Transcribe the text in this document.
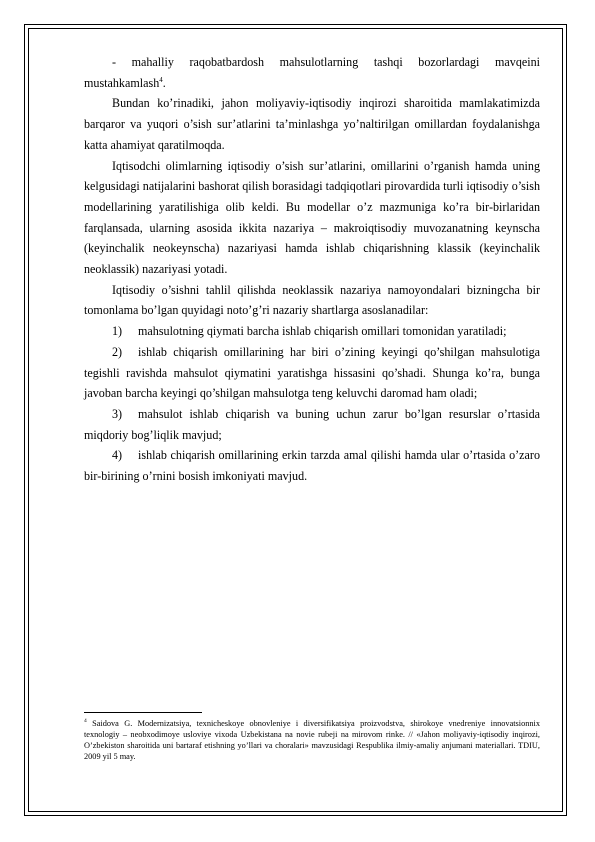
- mahalliy raqobatbardosh mahsulotlarning tashqi bozorlardagi mavqeini mustahkamlash$^4$.

Bundan ko’rinadiki, jahon moliyaviy-iqtisodiy inqirozi sharoitida mamlakatimizda barqaror va yuqori o’sish sur’atlarini ta’minlashga yo’naltirilgan omillardan foydalanishga katta ahamiyat qaratilmoqda.

Iqtisodchi olimlarning iqtisodiy o’sish sur’atlarini, omillarini o’rganish hamda uning kelgusidagi natijalarini bashorat qilish borasidagi tadqiqotlari pirovardida turli iqtisodiy o’sish modellarining yaratilishiga olib keldi. Bu modellar o’z mazmuniga ko’ra bir-birlaridan farqlansada, ularning asosida ikkita nazariya – makroiqtisodiy muvozanatning keynscha (keyinchalik neokeynscha) nazariyasi hamda ishlab chiqarishning klassik (keyinchalik neoklassik) nazariyasi yotadi.

Iqtisodiy o’sishni tahlil qilishda neoklassik nazariya namoyondalari bizningcha bir tomonlama bo’lgan quyidagi noto’g’ri nazariy shartlarga asoslanadilar:

1) mahsulotning qiymati barcha ishlab chiqarish omillari tomonidan yaratiladi;

2) ishlab chiqarish omillarining har biri o’zining keyingi qo’shilgan mahsulotiga tegishli ravishda mahsulot qiymatini yaratishga hissasini qo’shadi. Shunga ko’ra, bunga javoban barcha keyingi qo’shilgan mahsulotga teng keluvchi daromad ham oladi;

3) mahsulot ishlab chiqarish va buning uchun zarur bo’lgan resurslar o’rtasida miqdoriy bog’liqlik mavjud;

4) ishlab chiqarish omillarining erkin tarzda amal qilishi hamda ular o’rtasida o’zaro bir-birining o’rnini bosish imkoniyati mavjud.

$^4$ Saidova G. Modernizatsiya, texnicheskoye obnovleniye i diversifikatsiya proizvodstva, shirokoye vnedreniye innovatsionnix texnologiy – neobxodimoye usloviye vixoda Uzbekistana na novie rubeji na mirovom rinke. // «Jahon moliyaviy-iqtisodiy inqirozi, O’zbekiston sharoitida uni bartaraf etishning yo’llari va choralari» mavzusidagi Respublika ilmiy-amaliy anjumani materiallari. TDIU, 2009 yil 5 may.
